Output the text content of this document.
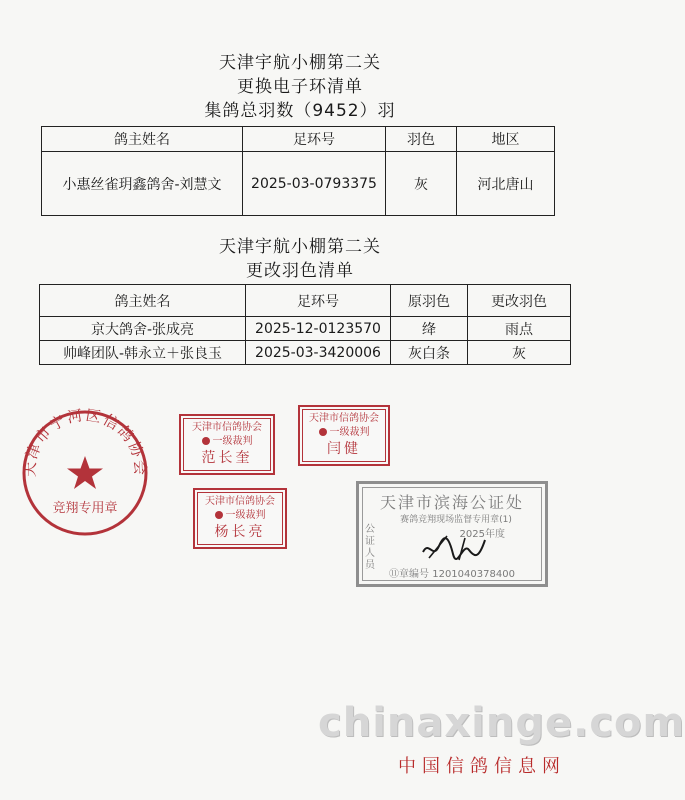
天津宇航小棚第二关
更换电子环清单
集鸽总羽数（9452）羽
鸽主姓名	足环号	羽色	地区
小惠丝雀玥鑫鸽舍-刘慧文	2025-03-0793375	灰	河北唐山
天津宇航小棚第二关
更改羽色清单
鸽主姓名	足环号	原羽色	更改羽色
京大鸽舍-张成亮	2025-12-0123570	绛	雨点
帅峰团队-韩永立＋张良玉	2025-03-3420006	灰白条	灰
天津市宁河区信鸽协会
竞翔专用章
天津市信鸽协会
一级裁判
范长奎
天津市信鸽协会
一级裁判
闫健
天津市信鸽协会
一级裁判
杨长亮
天津市滨海公证处
赛鸽竞翔现场监督专用章(1)
公证人员
2025年度
⑪章编号 1201040378400
chinaxinge.com
中国信鸽信息网
